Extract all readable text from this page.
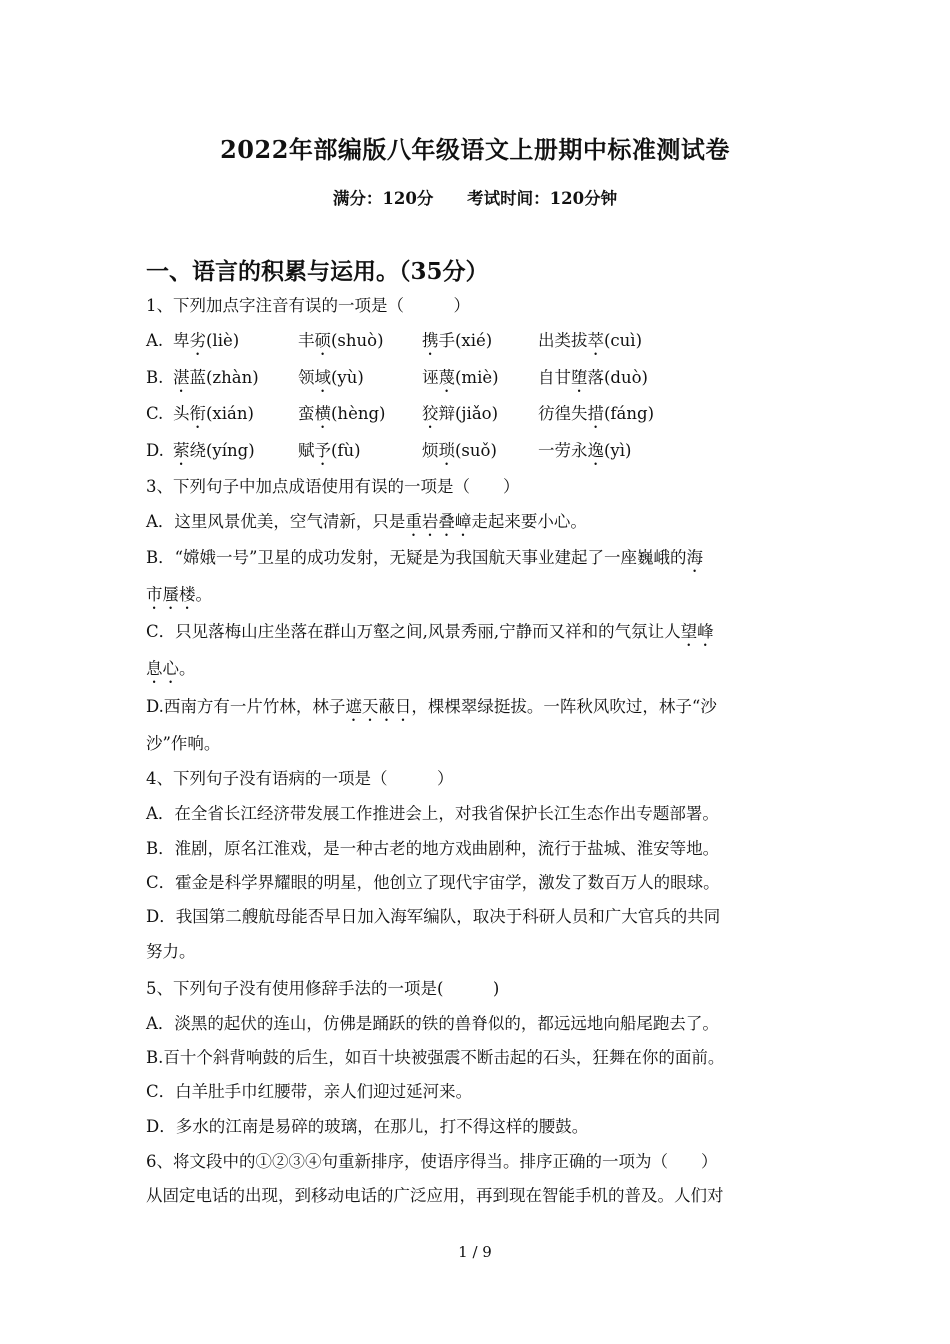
2022年部编版八年级语文上册期中标准测试卷
满分：120分 考试时间：120分钟
一、语言的积累与运用。（35分）
1、下列加点字注音有误的一项是（　　　）
A. 卑劣(liè)	丰硕(shuò) 携手(xié)	出类拔萃(cuì)
B. 湛蓝(zhàn) 领域(yù)	诬蔑(miè) 自甘堕落(duò)
C. 头衔(xián)	蛮横(hèng) 狡辩(jiǎo) 彷徨失措(fáng)
D. 萦绕(yíng)	赋予(fù)	烦琐(suǒ) 一劳永逸(yì)
3、下列句子中加点成语使用有误的一项是（　　）
A．这里风景优美，空气清新，只是重岩叠嶂走起来要小心。
B．“嫦娥一号”卫星的成功发射，无疑是为我国航天事业建起了一座巍峨的海
市蜃楼。
C．只见落梅山庄坐落在群山万壑之间,风景秀丽,宁静而又祥和的气氛让人望峰
息心。
D.西南方有一片竹林，林子遮天蔽日，棵棵翠绿挺拔。一阵秋风吹过，林子“沙
沙”作响。
4、下列句子没有语病的一项是（　　　）
A．在全省长江经济带发展工作推进会上，对我省保护长江生态作出专题部署。
B．淮剧，原名江淮戏，是一种古老的地方戏曲剧种，流行于盐城、淮安等地。
C．霍金是科学界耀眼的明星，他创立了现代宇宙学，激发了数百万人的眼球。
D．我国第二艘航母能否早日加入海军编队，取决于科研人员和广大官兵的共同
努力。
5、下列句子没有使用修辞手法的一项是(　　　)
A．淡黑的起伏的连山，仿佛是踊跃的铁的兽脊似的，都远远地向船尾跑去了。
B.百十个斜背响鼓的后生，如百十块被强震不断击起的石头，狂舞在你的面前。
C．白羊肚手巾红腰带，亲人们迎过延河来。
D．多水的江南是易碎的玻璃，在那儿，打不得这样的腰鼓。
6、将文段中的①②③④句重新排序，使语序得当。排序正确的一项为（　　）
从固定电话的出现，到移动电话的广泛应用，再到现在智能手机的普及。人们对
1 / 9
